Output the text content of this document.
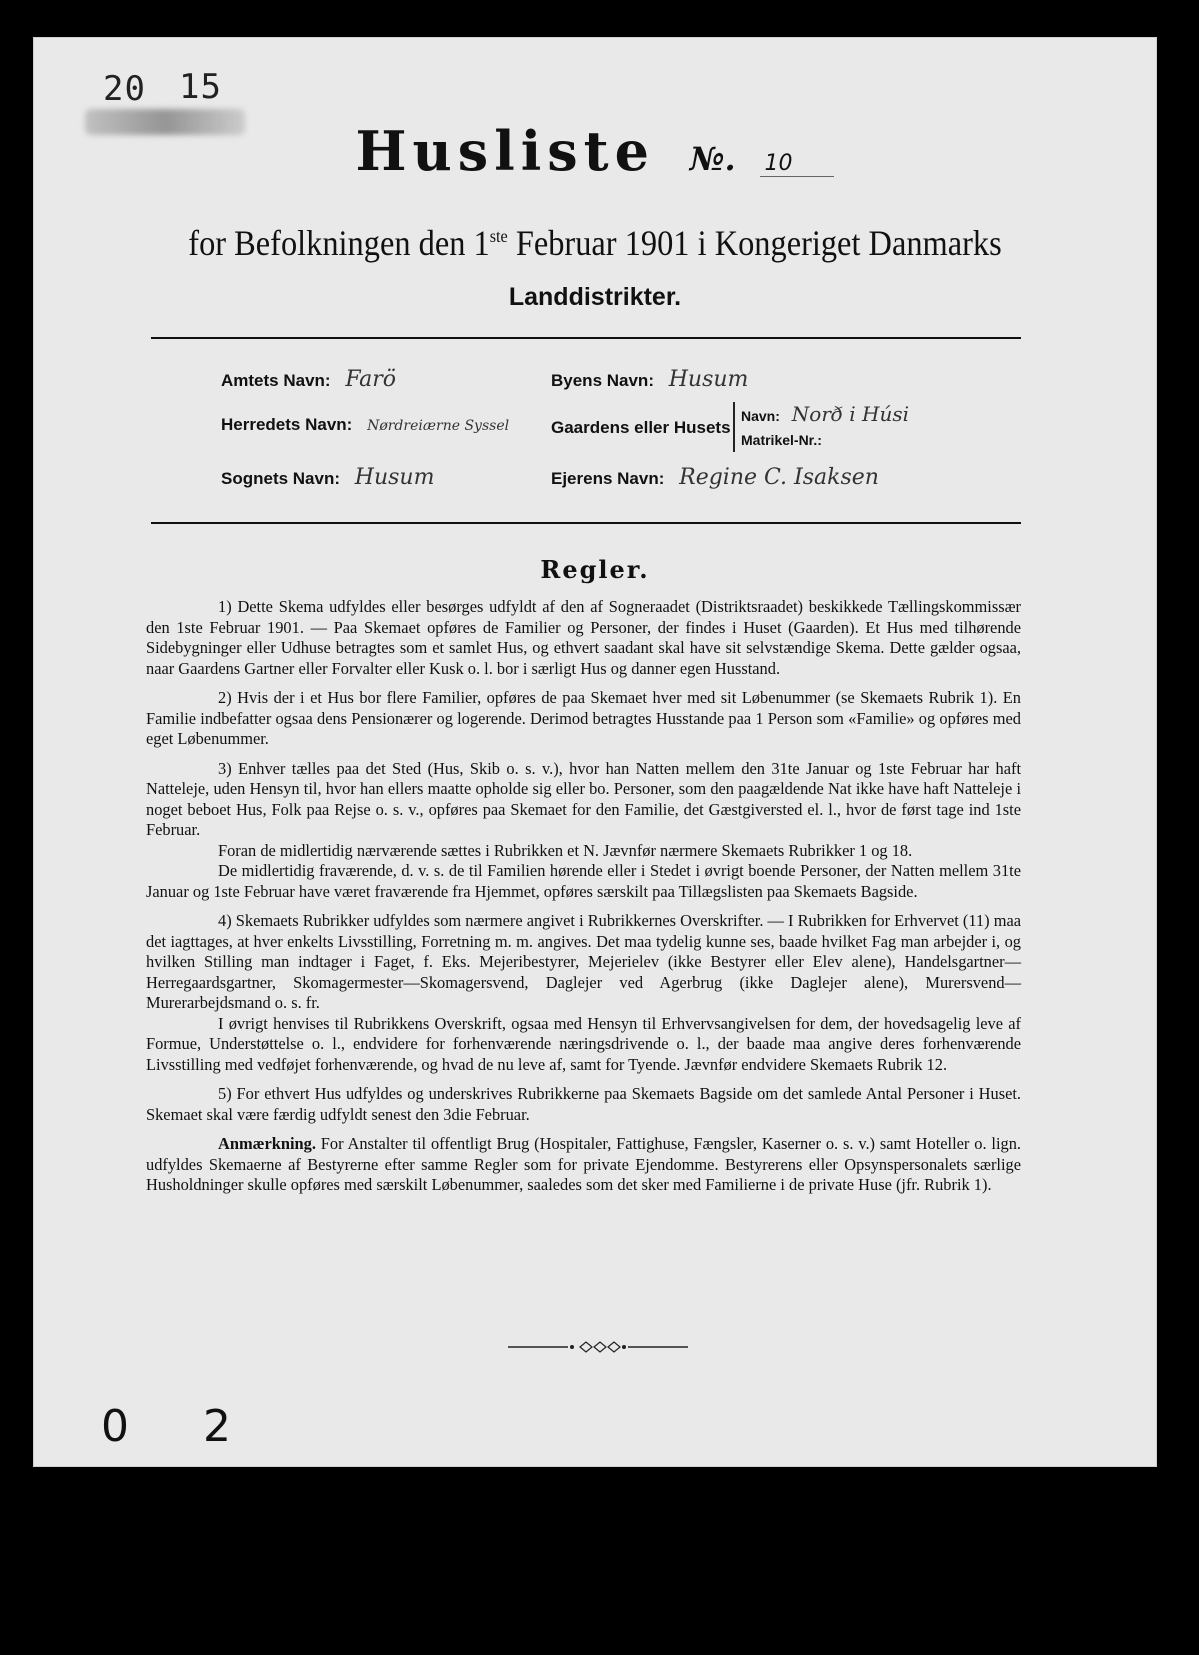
20 15
Husliste №. 10
for Befolkningen den 1ste Februar 1901 i Kongeriget Danmarks
Landdistrikter.
Amtets Navn: Farö	Byens Navn: Husum
Herredets Navn: Nørdreiærne Syssel Gaardens eller Husets
Navn: Norð i Húsi
Matrikel-Nr.:
Sognets Navn: Husum	Ejerens Navn: Regine C. Isaksen
Regler.

1) Dette Skema udfyldes eller besørges udfyldt af den af Sogneraadet (Distriktsraadet) beskikkede Tællingskommissær den 1ste Februar 1901. — Paa Skemaet opføres de Familier og Personer, der findes i Huset (Gaarden). Et Hus med tilhørende Sidebygninger eller Udhuse betragtes som et samlet Hus, og ethvert saadant skal have sit selvstændige Skema. Dette gælder ogsaa, naar Gaardens Gartner eller Forvalter eller Kusk o. l. bor i særligt Hus og danner egen Husstand.

2) Hvis der i et Hus bor flere Familier, opføres de paa Skemaet hver med sit Løbenummer (se Skemaets Rubrik 1). En Familie indbefatter ogsaa dens Pensionærer og logerende. Derimod betragtes Husstande paa 1 Person som «Familie» og opføres med eget Løbenummer.

3) Enhver tælles paa det Sted (Hus, Skib o. s. v.), hvor han Natten mellem den 31te Januar og 1ste Februar har haft Natteleje, uden Hensyn til, hvor han ellers maatte opholde sig eller bo. Personer, som den paagældende Nat ikke have haft Natteleje i noget beboet Hus, Folk paa Rejse o. s. v., opføres paa Skemaet for den Familie, det Gæstgiversted el. l., hvor de først tage ind 1ste Februar.

Foran de midlertidig nærværende sættes i Rubrikken et N. Jævnfør nærmere Skemaets Rubrikker 1 og 18.

De midlertidig fraværende, d. v. s. de til Familien hørende eller i Stedet i øvrigt boende Personer, der Natten mellem 31te Januar og 1ste Februar have været fraværende fra Hjemmet, opføres særskilt paa Tillægslisten paa Skemaets Bagside.

4) Skemaets Rubrikker udfyldes som nærmere angivet i Rubrikkernes Overskrifter. — I Rubrikken for Erhvervet (11) maa det iagttages, at hver enkelts Livsstilling, Forretning m. m. angives. Det maa tydelig kunne ses, baade hvilket Fag man arbejder i, og hvilken Stilling man indtager i Faget, f. Eks. Mejeribestyrer, Mejerielev (ikke Bestyrer eller Elev alene), Handelsgartner—Herregaardsgartner, Skomagermester—Skomagersvend, Daglejer ved Agerbrug (ikke Daglejer alene), Murersvend—Murerarbejdsmand o. s. fr.

I øvrigt henvises til Rubrikkens Overskrift, ogsaa med Hensyn til Erhvervsangivelsen for dem, der hovedsagelig leve af Formue, Understøttelse o. l., endvidere for forhenværende næringsdrivende o. l., der baade maa angive deres forhenværende Livsstilling med vedføjet forhenværende, og hvad de nu leve af, samt for Tyende. Jævnfør endvidere Skemaets Rubrik 12.

5) For ethvert Hus udfyldes og underskrives Rubrikkerne paa Skemaets Bagside om det samlede Antal Personer i Huset. Skemaet skal være færdig udfyldt senest den 3die Februar.

Anmærkning. For Anstalter til offentligt Brug (Hospitaler, Fattighuse, Fængsler, Kaserner o. s. v.) samt Hoteller o. lign. udfyldes Skemaerne af Bestyrerne efter samme Regler som for private Ejendomme. Bestyrerens eller Opsynspersonalets særlige Husholdninger skulle opføres med særskilt Løbenummer, saaledes som det sker med Familierne i de private Huse (jfr. Rubrik 1).

0 2
